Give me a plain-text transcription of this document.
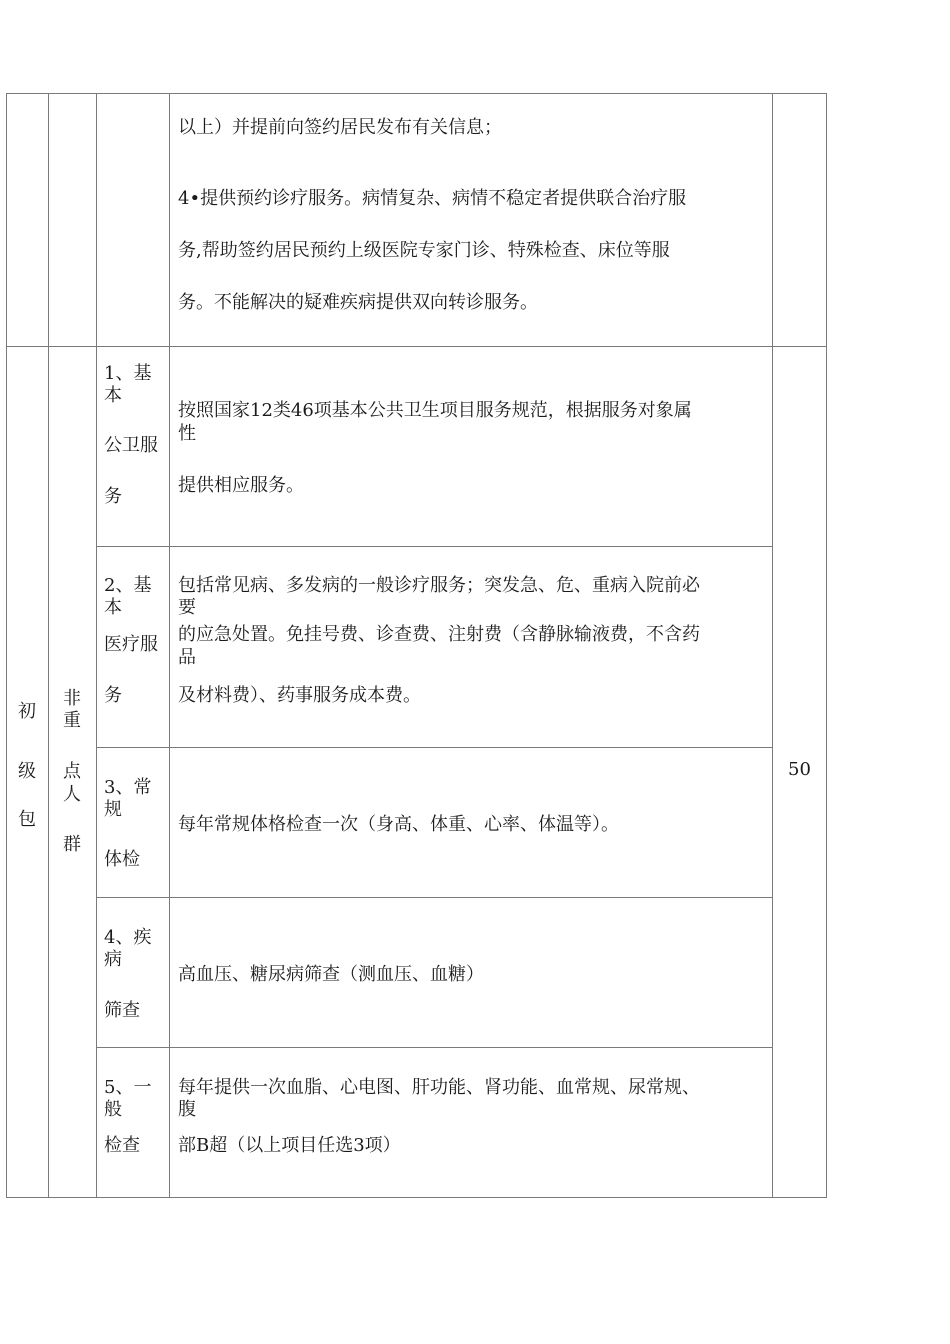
以上）并提前向签约居民发布有关信息；
4•提供预约诊疗服务。病情复杂、病情不稳定者提供联合治疗服
务,帮助签约居民预约上级医院专家门诊、特殊检查、床位等服
务。不能解决的疑难疾病提供双向转诊服务。
初
级
包
非
重
点
人
群
1、基
本
公卫服
务
按照国家12类46项基本公共卫生项目服务规范，根据服务对象属
性
提供相应服务。
2、基
本
医疗服
务
包括常见病、多发病的一般诊疗服务；突发急、危、重病入院前必
要
的应急处置。免挂号费、诊查费、注射费（含静脉输液费，不含药
品
及材料费）、药事服务成本费。
3、常
规
体检
每年常规体格检查一次（身高、体重、心率、体温等）。
4、疾
病
筛查
高血压、糖尿病筛查（测血压、血糖）
5、一
般
检查
每年提供一次血脂、心电图、肝功能、肾功能、血常规、尿常规、
腹
部B超（以上项目任选3项）
50
